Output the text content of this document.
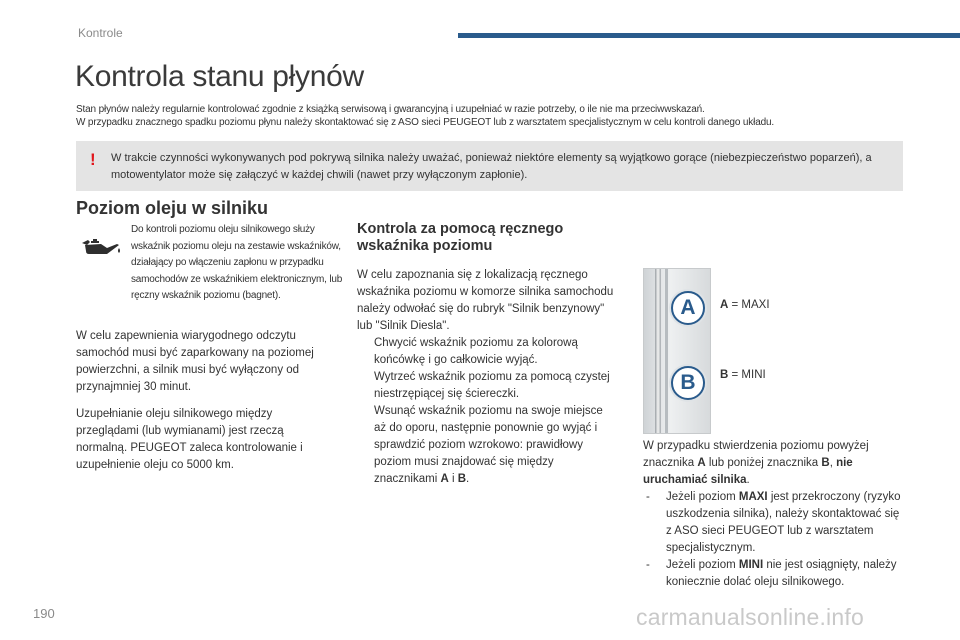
Kontrole
Kontrola stanu płynów
Stan płynów należy regularnie kontrolować zgodnie z książką serwisową i gwarancyjną i uzupełniać w razie potrzeby, o ile nie ma przeciwwskazań.
W przypadku znacznego spadku poziomu płynu należy skontaktować się z ASO sieci PEUGEOT lub z warsztatem specjalistycznym w celu kontroli danego układu.
! W trakcie czynności wykonywanych pod pokrywą silnika należy uważać, ponieważ niektóre elementy są wyjątkowo gorące (niebezpieczeństwo poparzeń), a motowentylator może się załączyć w każdej chwili (nawet przy wyłączonym zapłonie).
Poziom oleju w silniku
Do kontroli poziomu oleju silnikowego służy wskaźnik poziomu oleju na zestawie wskaźników, działający po włączeniu zapłonu w przypadku samochodów ze wskaźnikiem elektronicznym, lub ręczny wskaźnik poziomu (bagnet).

W celu zapewnienia wiarygodnego odczytu samochód musi być zaparkowany na poziomej powierzchni, a silnik musi być wyłączony od przynajmniej 30 minut.

Uzupełnianie oleju silnikowego między przeglądami (lub wymianami) jest rzeczą normalną. PEUGEOT zaleca kontrolowanie i uzupełnienie oleju co 5000 km.

Kontrola za pomocą ręcznego wskaźnika poziomu

W celu zapoznania się z lokalizacją ręcznego wskaźnika poziomu w komorze silnika samochodu należy odwołać się do rubryk "Silnik benzynowy" lub "Silnik Diesla".

Chwycić wskaźnik poziomu za kolorową końcówkę i go całkowicie wyjąć.
Wytrzeć wskaźnik poziomu za pomocą czystej niestrzępiącej się ściereczki.
Wsunąć wskaźnik poziomu na swoje miejsce aż do oporu, następnie ponownie go wyjąć i sprawdzić poziom wzrokowo: prawidłowy poziom musi znajdować się między znacznikami A i B.
A
B
A = MAXI
B = MINI

W przypadku stwierdzenia poziomu powyżej znacznika A lub poniżej znacznika B, nie uruchamiać silnika.

- Jeżeli poziom MAXI jest przekroczony (ryzyko uszkodzenia silnika), należy skontaktować się z ASO sieci PEUGEOT lub z warsztatem specjalistycznym.
- Jeżeli poziom MINI nie jest osiągnięty, należy koniecznie dolać oleju silnikowego.
190	carmanualsonline.info
